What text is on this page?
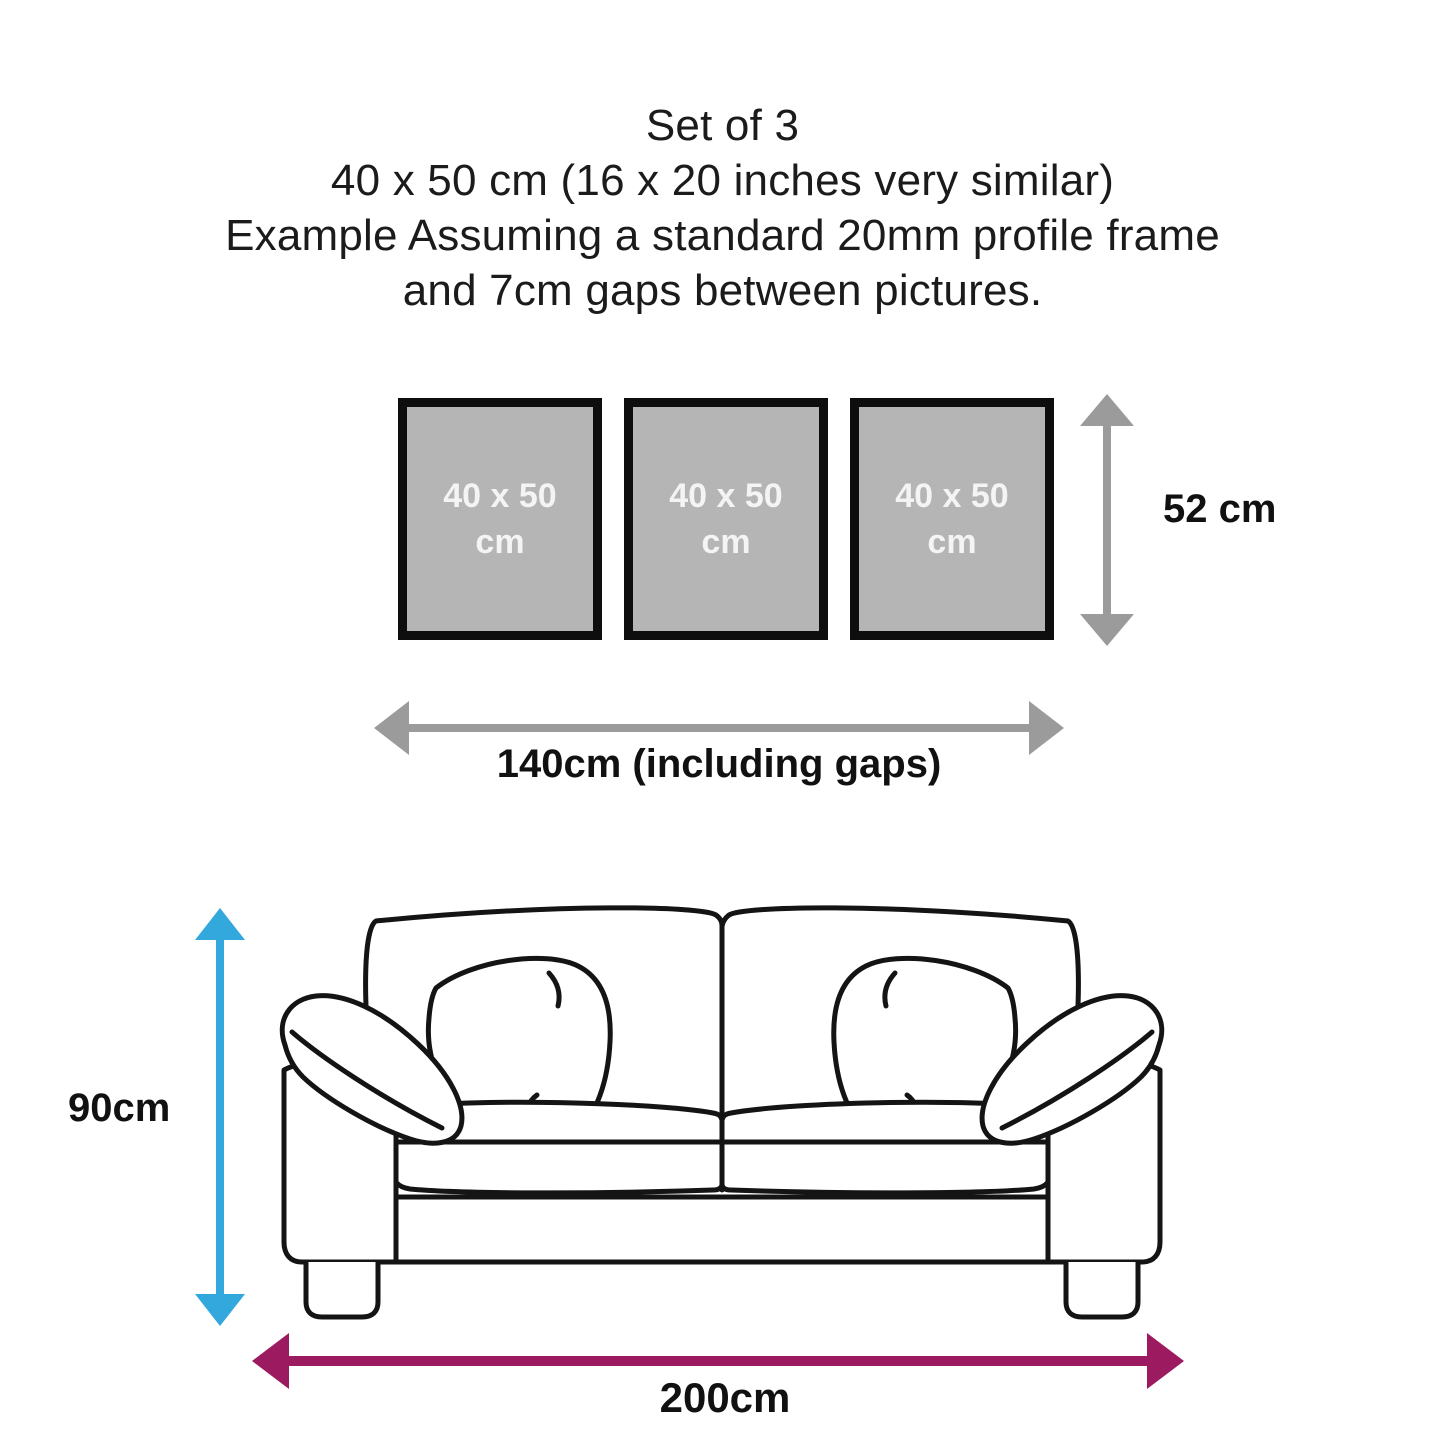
Set of 3
40 x 50 cm (16 x 20 inches very similar)
Example Assuming a standard 20mm profile frame
and 7cm gaps between pictures.
40 x 50
cm
40 x 50
cm
40 x 50
cm
52 cm
140cm (including gaps)
90cm
200cm
